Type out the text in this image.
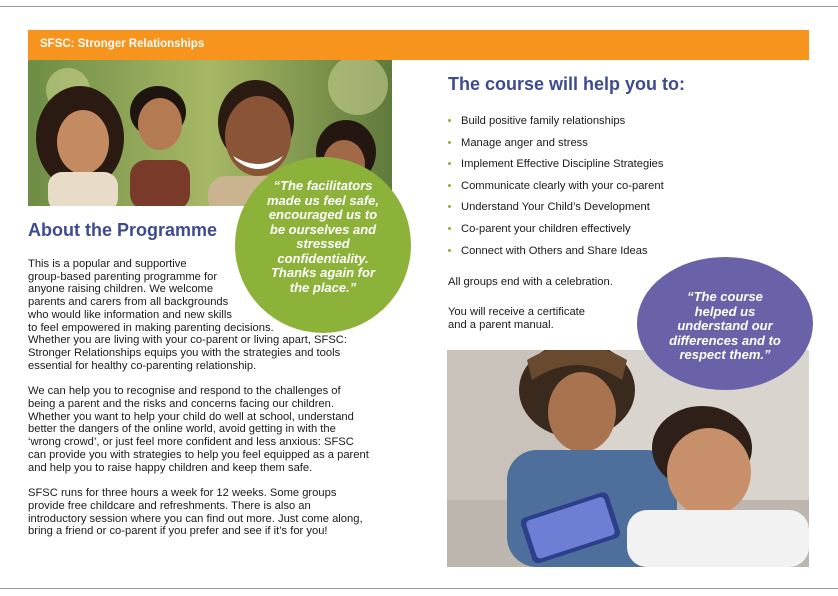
SFSC: Stronger Relationships
“The facilitators
made us feel safe,
encouraged us to
be ourselves and
stressed
confidentiality.
Thanks again for
the place.”
About the Programme

This is a popular and supportive
group-based parenting programme for
anyone raising children. We welcome
parents and carers from all backgrounds
who would like information and new skills
to feel empowered in making parenting decisions.
Whether you are living with your co-parent or living apart, SFSC:
Stronger Relationships equips you with the strategies and tools
essential for healthy co-parenting relationship.

We can help you to recognise and respond to the challenges of
being a parent and the risks and concerns facing our children.
Whether you want to help your child do well at school, understand
better the dangers of the online world, avoid getting in with the
‘wrong crowd’, or just feel more confident and less anxious: SFSC
can provide you with strategies to help you feel equipped as a parent
and help you to raise happy children and keep them safe.

SFSC runs for three hours a week for 12 weeks. Some groups
provide free childcare and refreshments. There is also an
introductory session where you can find out more. Just come along,
bring a friend or co-parent if you prefer and see if it’s for you!

The course will help you to:
Build positive family relationships
Manage anger and stress
Implement Effective Discipline Strategies
Communicate clearly with your co-parent
Understand Your Child’s Development
Co-parent your children effectively
Connect with Others and Share Ideas
All groups end with a celebration.
You will receive a certificate
and a parent manual.
“The course
helped us
understand our
differences and to
respect them.”
